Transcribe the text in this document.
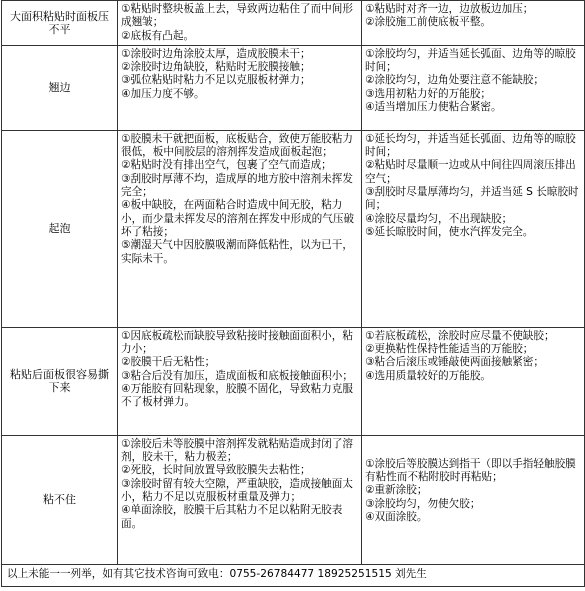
大面积粘贴时面板压不平	①粘贴时整块板盖上去，导致两边粘住了而中间形成翘皱；
②底板有凸起。	①粘贴时对齐一边，边放板边加压；
②涂胶施工前使底板平整。

翘边	①涂胶时边角涂胶太厚，造成胶膜未干；
②涂胶时边角缺胶，粘贴时无胶膜接触；
③弧位粘贴时粘力不足以克服板材弹力；
④加压力度不够。	①涂胶均匀，并适当延长弧面、边角等的晾胶时间；
②涂胶均匀，边角处要注意不能缺胶；
③选用初粘力好的万能胶；
④适当增加压力使粘合紧密。

起泡	①胶膜未干就把面板，底板贴合，致使万能胶粘力很低，板中间胶层的溶剂挥发造成面板起泡；
②粘贴时没有排出空气，包裹了空气而造成；
③刮胶时厚薄不均，造成厚的地方胶中溶剂未挥发完全；
④板中缺胶，在两面粘合时造成中间无胶，粘力小，而少量未挥发尽的溶剂在挥发中形成的气压破坏了粘接；
⑤潮湿天气中因胶膜吸潮而降低粘性，以为已干，实际未干。	①延长均匀，并适当延长弧面、边角等的晾胶时间；
②粘贴时尽量顺一边或从中间往四周滚压排出空气；
③刮胶时尽量厚薄均匀，并适当延 S 长晾胶时间；
④涂胶尽量均匀，不出现缺胶；
⑤延长晾胶时间，使水汽挥发完全。

粘贴后面板很容易撕下来	①因底板疏松而缺胶导致粘接时接触面面积小，粘力小；
②胶膜干后无粘性；
③粘合后没有加压，造成面板和底板接触面积小；
④万能胶有回粘现象，胶膜不固化，导致粘力克服不了板材弹力。	①若底板疏松，涂胶时应尽量不使缺胶；
②更换粘性保持性能适当的万能胶；
③粘合后滚压或锤敲使两面接触紧密；
④选用质量较好的万能胶。

粘不住	①涂胶后未等胶膜中溶剂挥发就粘贴造成封闭了溶剂，胶未干，粘力极差；
②死胶，长时间放置导致胶膜失去粘性；
③涂胶时留有较大空隙，严重缺胶，造成接触面太小，粘力不足以克服板材重量及弹力；
④单面涂胶，胶膜干后其粘力不足以粘附无胶表面。	①涂胶后等胶膜达到指干（即以手指轻触胶膜有粘性而不粘附胶时再粘贴；
②重新涂胶；
③涂胶均匀，勿使欠胶；
④双面涂胶。

以上未能一一列举，如有其它技术咨询可致电：0755-26784477 18925251515 刘先生		
